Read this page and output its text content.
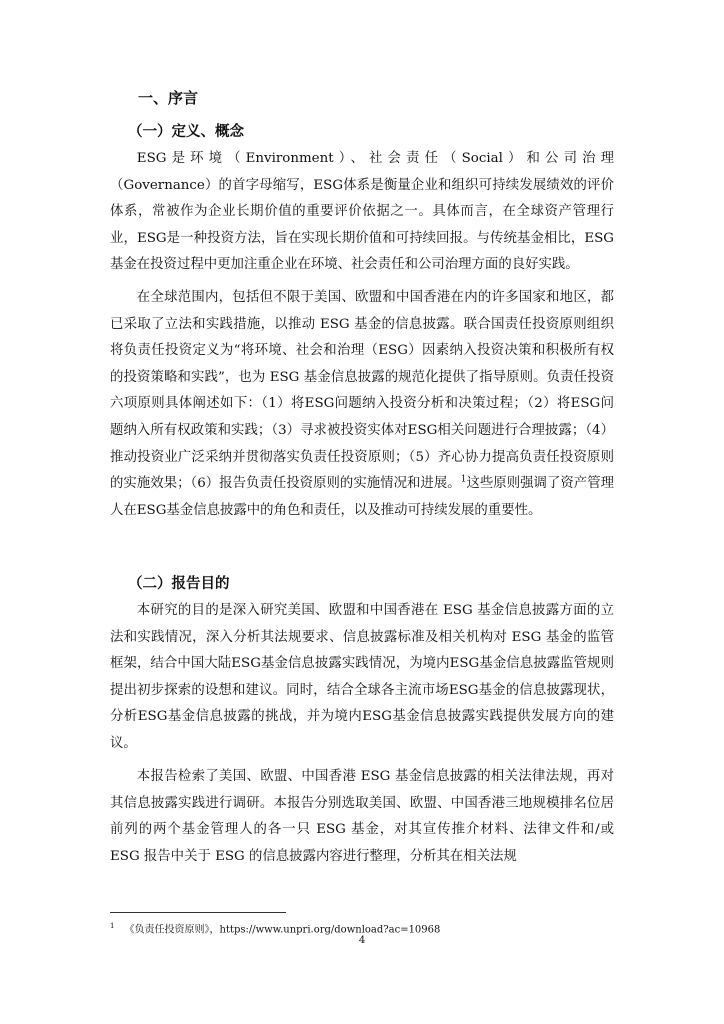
一、序言
（一）定义、概念

ESG是环境（Environment）、社会责任（Social）和公司治理（Governance）的首字母缩写，ESG体系是衡量企业和组织可持续发展绩效的评价体系，常被作为企业长期价值的重要评价依据之一。具体而言，在全球资产管理行业，ESG是一种投资方法，旨在实现长期价值和可持续回报。与传统基金相比，ESG基金在投资过程中更加注重企业在环境、社会责任和公司治理方面的良好实践。

在全球范围内，包括但不限于美国、欧盟和中国香港在内的许多国家和地区，都已采取了立法和实践措施，以推动 ESG 基金的信息披露。联合国责任投资原则组织将负责任投资定义为“将环境、社会和治理（ESG）因素纳入投资决策和积极所有权的投资策略和实践”，也为 ESG 基金信息披露的规范化提供了指导原则。负责任投资六项原则具体阐述如下：（1）将ESG问题纳入投资分析和决策过程；（2）将ESG问题纳入所有权政策和实践；（3）寻求被投资实体对ESG相关问题进行合理披露；（4）推动投资业广泛采纳并贯彻落实负责任投资原则；（5）齐心协力提高负责任投资原则的实施效果；（6）报告负责任投资原则的实施情况和进展。$^1$这些原则强调了资产管理人在ESG基金信息披露中的角色和责任，以及推动可持续发展的重要性。

（二）报告目的

本研究的目的是深入研究美国、欧盟和中国香港在 ESG 基金信息披露方面的立法和实践情况，深入分析其法规要求、信息披露标准及相关机构对 ESG 基金的监管框架，结合中国大陆ESG基金信息披露实践情况，为境内ESG基金信息披露监管规则提出初步探索的设想和建议。同时，结合全球各主流市场ESG基金的信息披露现状，分析ESG基金信息披露的挑战，并为境内ESG基金信息披露实践提供发展方向的建议。

本报告检索了美国、欧盟、中国香港 ESG 基金信息披露的相关法律法规，再对其信息披露实践进行调研。本报告分别选取美国、欧盟、中国香港三地规模排名位居前列的两个基金管理人的各一只 ESG 基金，对其宣传推介材料、法律文件和/或 ESG 报告中关于 ESG 的信息披露内容进行整理，分析其在相关法规

$^1$ 《负责任投资原则》，https://www.unpri.org/download?ac=10968

4
